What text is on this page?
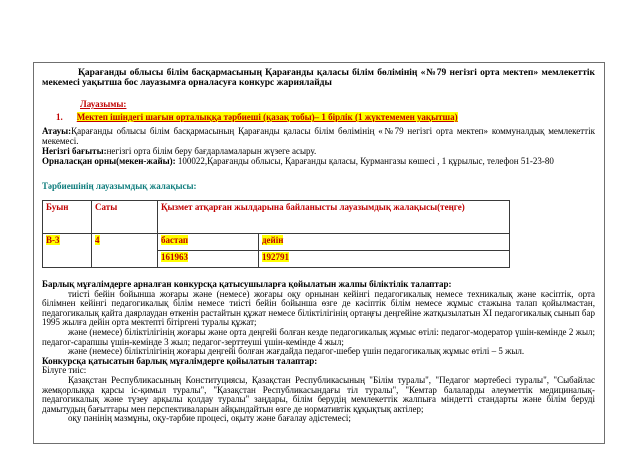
Қарағанды облысы білім басқармасының Қарағанды қаласы білім бөлімінің «№79 негізгі орта мектеп» мемлекеттік мекемесі уақытша бос лауазымға орналасуға конкурс жариялайды

Лауазымы:

1. Мектеп ішіндегі шағын орталыққа тәрбиеші (қазақ тобы)– 1 бірлік (1 жүктемемен уақытша)

Атауы:Қарағанды облысы білім басқармасының Қарағанды қаласы білім бөлімінің «№79 негізгі орта мектеп» коммуналдық мемлекеттік мекемесі.

Негізгі бағыты:негізгі орта білім беру бағдарламаларын жүзеге асыру.

Орналасқан орны(мекен-жайы): 100022,Қарағанды облысы, Қарағанды қаласы, Курмангазы көшесі , 1 құрылыс, телефон 51-23-80

Тәрбиешінің лауазымдық жалақысы:

Буын	Саты	Қызмет атқарған жылдарына байланысты лауазымдық жалақысы(теңге)	
В-3	4	бастап	дейін
		161963	192791

Барлық мұғалімдерге арналған конкурсқа қатысушыларға қойылатын жалпы біліктілік талаптар:

тиісті бейін бойынша жоғары және (немесе) жоғары оқу орнынан кейінгі педагогикалық немесе техникалық және кәсіптік, орта білімнен кейінгі педагогикалық білім немесе тиісті бейін бойынша өзге де кәсіптік білім немесе жұмыс стажына талап қойылмастан, педагогикалық қайта даярлаудан өткенін растайтын құжат немесе біліктілігінің ортаңғы деңгейіне жатқызылатын ХІ педагогикалық сынып бар 1995 жылға дейін орта мектепті бітіргені туралы құжат;

және (немесе) біліктілігінің жоғары және орта деңгейі болған кезде педагогикалық жұмыс өтілі: педагог-модератор үшін-кемінде 2 жыл; педагог-сарапшы үшін-кемінде 3 жыл; педагог-зерттеуші үшін-кемінде 4 жыл;

және (немесе) біліктілігінің жоғары деңгейі болған жағдайда педагог-шебер үшін педагогикалық жұмыс өтілі – 5 жыл.

Конкурсқа қатысатын барлық мұғалімдерге қойылатын талаптар:

Білуге тиіс:

Қазақстан Республикасының Конституциясы, Қазақстан Республикасының "Білім туралы", "Педагог мәртебесі туралы", "Сыбайлас жемқорлыққа қарсы іс-қимыл туралы", "Қазақстан Республикасындағы тіл туралы", "Кемтар балаларды әлеуметтік медициналық-педагогикалық және түзеу арқылы қолдау туралы" заңдары, білім берудің мемлекеттік жалпыға міндетті стандарты және білім беруді дамытудың бағыттары мен перспективаларын айқындайтын өзге де нормативтік құқықтық актілер;

оқу пәнінің мазмұны, оқу-тәрбие процесі, оқыту және бағалау әдістемесі;
